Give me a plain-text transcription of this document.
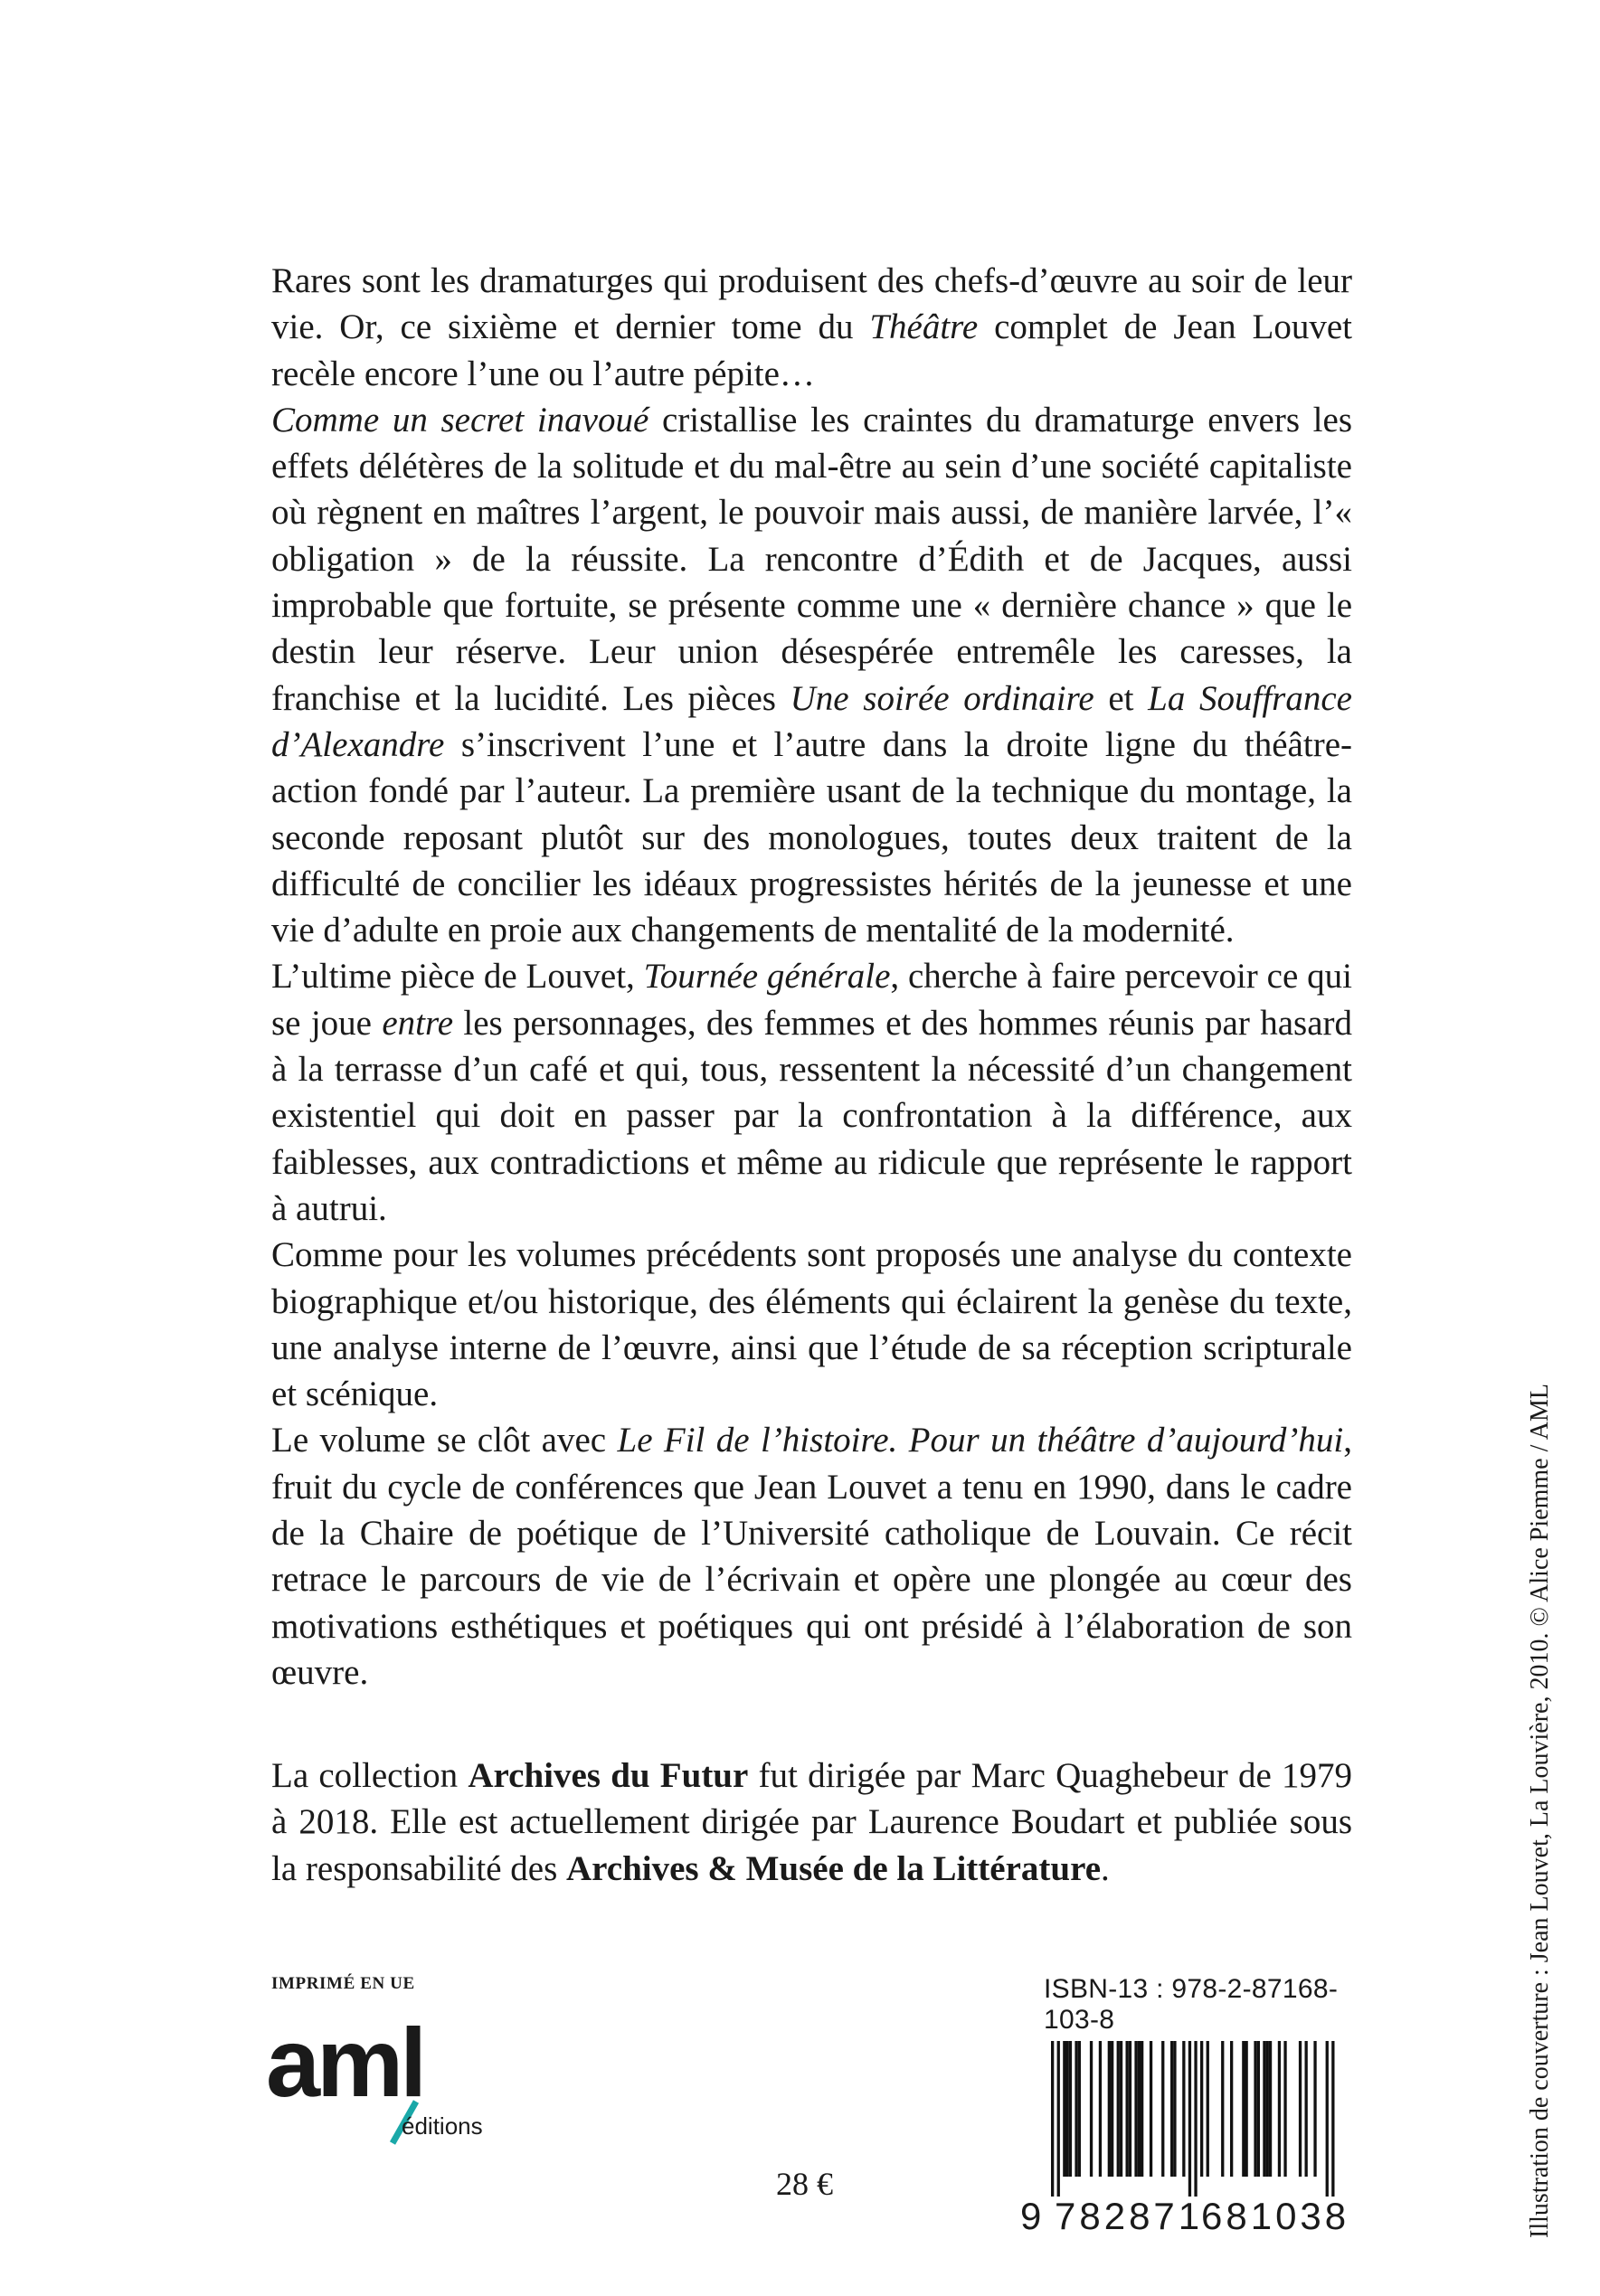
Rares sont les dramaturges qui produisent des chefs-d’œuvre au soir de leur vie. Or, ce sixième et dernier tome du Théâtre complet de Jean Louvet recèle encore l’une ou l’autre pépite…

Comme un secret inavoué cristallise les craintes du dramaturge envers les effets délétères de la solitude et du mal-être au sein d’une société capitaliste où règnent en maîtres l’argent, le pouvoir mais aussi, de manière larvée, l’« obligation » de la réussite. La rencontre d’Édith et de Jacques, aussi improbable que fortuite, se présente comme une « dernière chance » que le destin leur réserve. Leur union désespérée entremêle les caresses, la franchise et la lucidité. Les pièces Une soirée ordinaire et La Souffrance d’Alexandre s’inscrivent l’une et l’autre dans la droite ligne du théâtre-action fondé par l’auteur. La première usant de la technique du montage, la seconde reposant plutôt sur des monologues, toutes deux traitent de la difficulté de concilier les idéaux progressistes hérités de la jeunesse et une vie d’adulte en proie aux changements de mentalité de la modernité.

L’ultime pièce de Louvet, Tournée générale, cherche à faire percevoir ce qui se joue entre les personnages, des femmes et des hommes réunis par hasard à la terrasse d’un café et qui, tous, ressentent la nécessité d’un changement existentiel qui doit en passer par la confrontation à la différence, aux faiblesses, aux contradictions et même au ridicule que représente le rapport à autrui.

Comme pour les volumes précédents sont proposés une analyse du contexte biographique et/ou historique, des éléments qui éclairent la genèse du texte, une analyse interne de l’œuvre, ainsi que l’étude de sa réception scripturale et scénique.

Le volume se clôt avec Le Fil de l’histoire. Pour un théâtre d’aujourd’hui, fruit du cycle de conférences que Jean Louvet a tenu en 1990, dans le cadre de la Chaire de poétique de l’Université catholique de Louvain. Ce récit retrace le parcours de vie de l’écrivain et opère une plongée au cœur des motivations esthétiques et poétiques qui ont présidé à l’élaboration de son œuvre.

La collection Archives du Futur fut dirigée par Marc Quaghebeur de 1979 à 2018. Elle est actuellement dirigée par Laurence Boudart et publiée sous la responsabilité des Archives & Musée de la Littérature.	Illustration de couverture : Jean Louvet, La Louvière, 2010. © Alice Piemme / AML
IMPRIMÉ EN UE
aml
éditions
28 €
ISBN-13 : 978-2-87168-103-8
9 782871
681038
